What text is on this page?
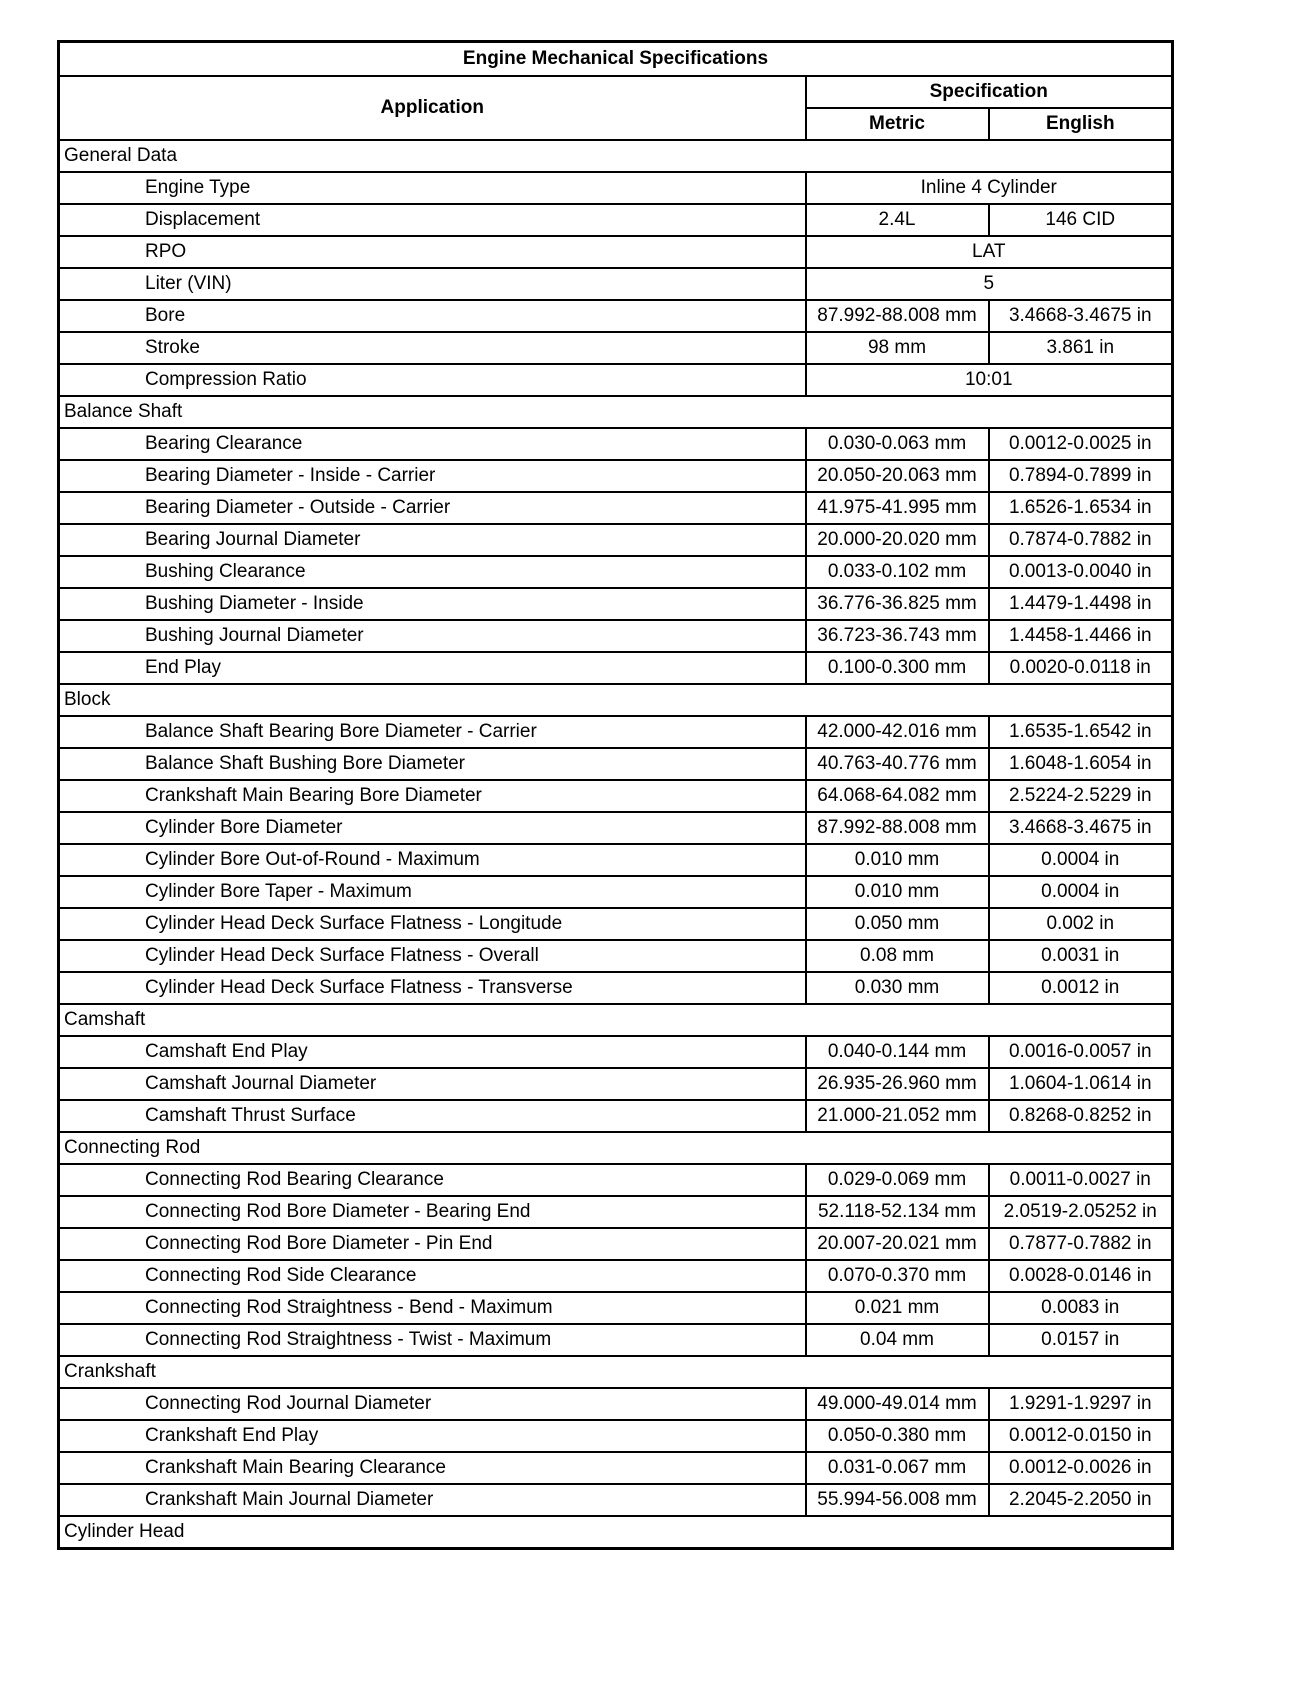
Engine Mechanical Specifications		
Application	Specification	
	Metric	English
General Data		
Engine Type	Inline 4 Cylinder	
Displacement	2.4L	146 CID
RPO	LAT	
Liter (VIN)	5	
Bore	87.992-88.008 mm	3.4668-3.4675 in
Stroke	98 mm	3.861 in
Compression Ratio	10:01	
Balance Shaft		
Bearing Clearance	0.030-0.063 mm	0.0012-0.0025 in
Bearing Diameter - Inside - Carrier	20.050-20.063 mm	0.7894-0.7899 in
Bearing Diameter - Outside - Carrier	41.975-41.995 mm	1.6526-1.6534 in
Bearing Journal Diameter	20.000-20.020 mm	0.7874-0.7882 in
Bushing Clearance	0.033-0.102 mm	0.0013-0.0040 in
Bushing Diameter - Inside	36.776-36.825 mm	1.4479-1.4498 in
Bushing Journal Diameter	36.723-36.743 mm	1.4458-1.4466 in
End Play	0.100-0.300 mm	0.0020-0.0118 in
Block		
Balance Shaft Bearing Bore Diameter - Carrier	42.000-42.016 mm	1.6535-1.6542 in
Balance Shaft Bushing Bore Diameter	40.763-40.776 mm	1.6048-1.6054 in
Crankshaft Main Bearing Bore Diameter	64.068-64.082 mm	2.5224-2.5229 in
Cylinder Bore Diameter	87.992-88.008 mm	3.4668-3.4675 in
Cylinder Bore Out-of-Round - Maximum	0.010 mm	0.0004 in
Cylinder Bore Taper - Maximum	0.010 mm	0.0004 in
Cylinder Head Deck Surface Flatness - Longitude	0.050 mm	0.002 in
Cylinder Head Deck Surface Flatness - Overall	0.08 mm	0.0031 in
Cylinder Head Deck Surface Flatness - Transverse	0.030 mm	0.0012 in
Camshaft		
Camshaft End Play	0.040-0.144 mm	0.0016-0.0057 in
Camshaft Journal Diameter	26.935-26.960 mm	1.0604-1.0614 in
Camshaft Thrust Surface	21.000-21.052 mm	0.8268-0.8252 in
Connecting Rod		
Connecting Rod Bearing Clearance	0.029-0.069 mm	0.0011-0.0027 in
Connecting Rod Bore Diameter - Bearing End	52.118-52.134 mm	2.0519-2.05252 in
Connecting Rod Bore Diameter - Pin End	20.007-20.021 mm	0.7877-0.7882 in
Connecting Rod Side Clearance	0.070-0.370 mm	0.0028-0.0146 in
Connecting Rod Straightness - Bend - Maximum	0.021 mm	0.0083 in
Connecting Rod Straightness - Twist - Maximum	0.04 mm	0.0157 in
Crankshaft		
Connecting Rod Journal Diameter	49.000-49.014 mm	1.9291-1.9297 in
Crankshaft End Play	0.050-0.380 mm	0.0012-0.0150 in
Crankshaft Main Bearing Clearance	0.031-0.067 mm	0.0012-0.0026 in
Crankshaft Main Journal Diameter	55.994-56.008 mm	2.2045-2.2050 in
Cylinder Head		
